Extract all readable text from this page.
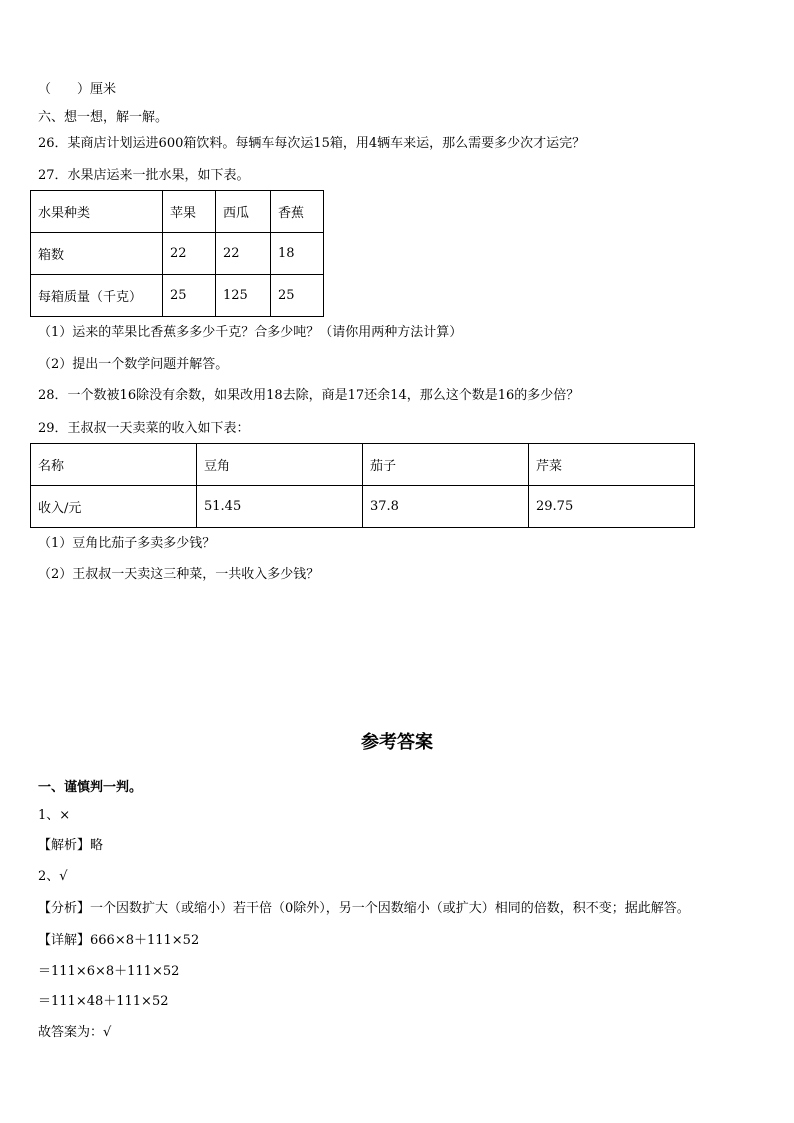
（　　）厘米
六、想一想，解一解。
26．某商店计划运进600箱饮料。每辆车每次运15箱，用4辆车来运，那么需要多少次才运完？
27．水果店运来一批水果，如下表。
水果种类	苹果	西瓜	香蕉
箱数	22	22	18
每箱质量（千克）	25	125	25
（1）运来的苹果比香蕉多多少千克？合多少吨？（请你用两种方法计算）
（2）提出一个数学问题并解答。
28．一个数被16除没有余数，如果改用18去除，商是17还余14，那么这个数是16的多少倍？
29．王叔叔一天卖菜的收入如下表：
名称	豆角	茄子	芹菜
收入/元	51.45	37.8	29.75
（1）豆角比茄子多卖多少钱？
（2）王叔叔一天卖这三种菜，一共收入多少钱？
参考答案
一、谨慎判一判。
1、×
【解析】略
2、√
【分析】一个因数扩大（或缩小）若干倍（0除外），另一个因数缩小（或扩大）相同的倍数，积不变；据此解答。
【详解】666×8＋111×52
＝111×6×8＋111×52
＝111×48＋111×52
故答案为：√
